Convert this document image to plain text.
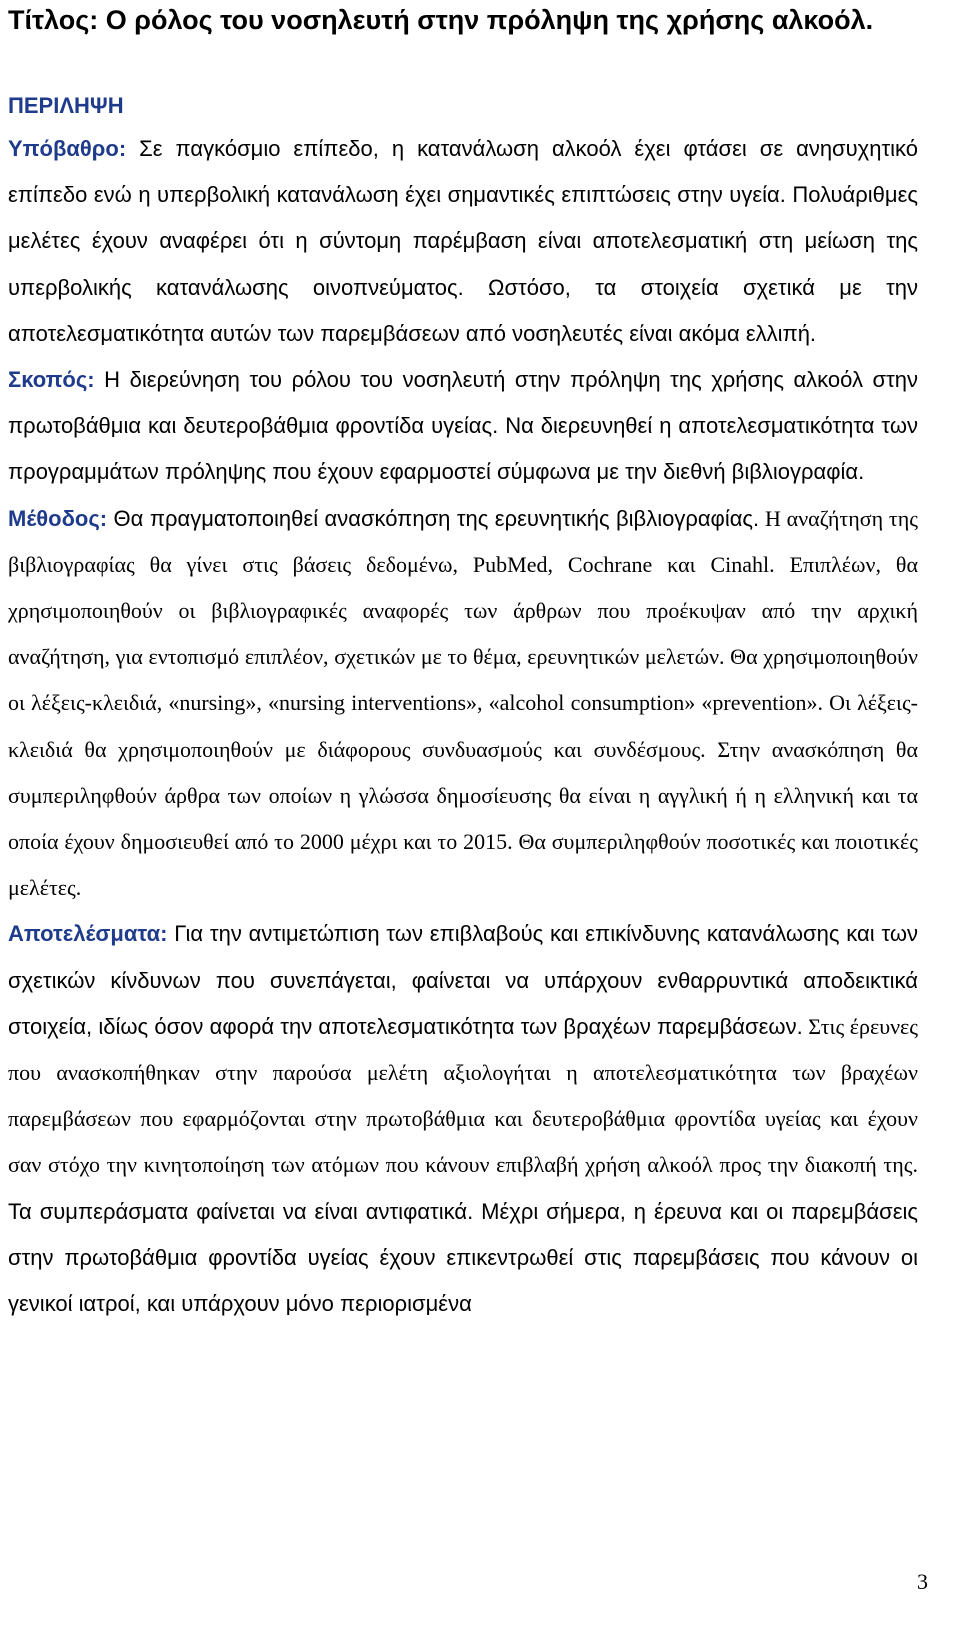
Τίτλος: Ο ρόλος του νοσηλευτή στην πρόληψη της χρήσης αλκοόλ.
ΠΕΡΙΛΗΨΗ

Υπόβαθρο: Σε παγκόσμιο επίπεδο, η κατανάλωση αλκοόλ έχει φτάσει σε ανησυχητικό επίπεδο ενώ η υπερβολική κατανάλωση έχει σημαντικές επιπτώσεις στην υγεία. Πολυάριθμες μελέτες έχουν αναφέρει ότι η σύντομη παρέμβαση είναι αποτελεσματική στη μείωση της υπερβολικής κατανάλωσης οινοπνεύματος. Ωστόσο, τα στοιχεία σχετικά με την αποτελεσματικότητα αυτών των παρεμβάσεων από νοσηλευτές είναι ακόμα ελλιπή.

Σκοπός: Η διερεύνηση του ρόλου του νοσηλευτή στην πρόληψη της χρήσης αλκοόλ στην πρωτοβάθμια και δευτεροβάθμια φροντίδα υγείας. Να διερευνηθεί η αποτελεσματικότητα των προγραμμάτων πρόληψης που έχουν εφαρμοστεί σύμφωνα με την διεθνή βιβλιογραφία.

Μέθοδος: Θα πραγματοποιηθεί ανασκόπηση της ερευνητικής βιβλιογραφίας. Η αναζήτηση της βιβλιογραφίας θα γίνει στις βάσεις δεδομένω, PubMed, Cochrane και Cinahl. Επιπλέων, θα χρησιμοποιηθούν οι βιβλιογραφικές αναφορές των άρθρων που προέκυψαν από την αρχική αναζήτηση, για εντοπισμό επιπλέον, σχετικών με το θέμα, ερευνητικών μελετών. Θα χρησιμοποιηθούν οι λέξεις-κλειδιά, «nursing», «nursing interventions», «alcohol consumption» «prevention». Οι λέξεις-κλειδιά θα χρησιμοποιηθούν με διάφορους συνδυασμούς και συνδέσμους. Στην ανασκόπηση θα συμπεριληφθούν άρθρα των οποίων η γλώσσα δημοσίευσης θα είναι η αγγλική ή η ελληνική και τα οποία έχουν δημοσιευθεί από το 2000 μέχρι και το 2015. Θα συμπεριληφθούν ποσοτικές και ποιοτικές μελέτες.

Αποτελέσματα: Για την αντιμετώπιση των επιβλαβούς και επικίνδυνης κατανάλωσης και των σχετικών κίνδυνων που συνεπάγεται, φαίνεται να υπάρχουν ενθαρρυντικά αποδεικτικά στοιχεία, ιδίως όσον αφορά την αποτελεσματικότητα των βραχέων παρεμβάσεων. Στις έρευνες που ανασκοπήθηκαν στην παρούσα μελέτη αξιολογήται η αποτελεσματικότητα των βραχέων παρεμβάσεων που εφαρμόζονται στην πρωτοβάθμια και δευτεροβάθμια φροντίδα υγείας και έχουν σαν στόχο την κινητοποίηση των ατόμων που κάνουν επιβλαβή χρήση αλκοόλ προς την διακοπή της. Τα συμπεράσματα φαίνεται να είναι αντιφατικά. Μέχρι σήμερα, η έρευνα και οι παρεμβάσεις στην πρωτοβάθμια φροντίδα υγείας έχουν επικεντρωθεί στις παρεμβάσεις που κάνουν οι γενικοί ιατροί, και υπάρχουν μόνο περιορισμένα

3
